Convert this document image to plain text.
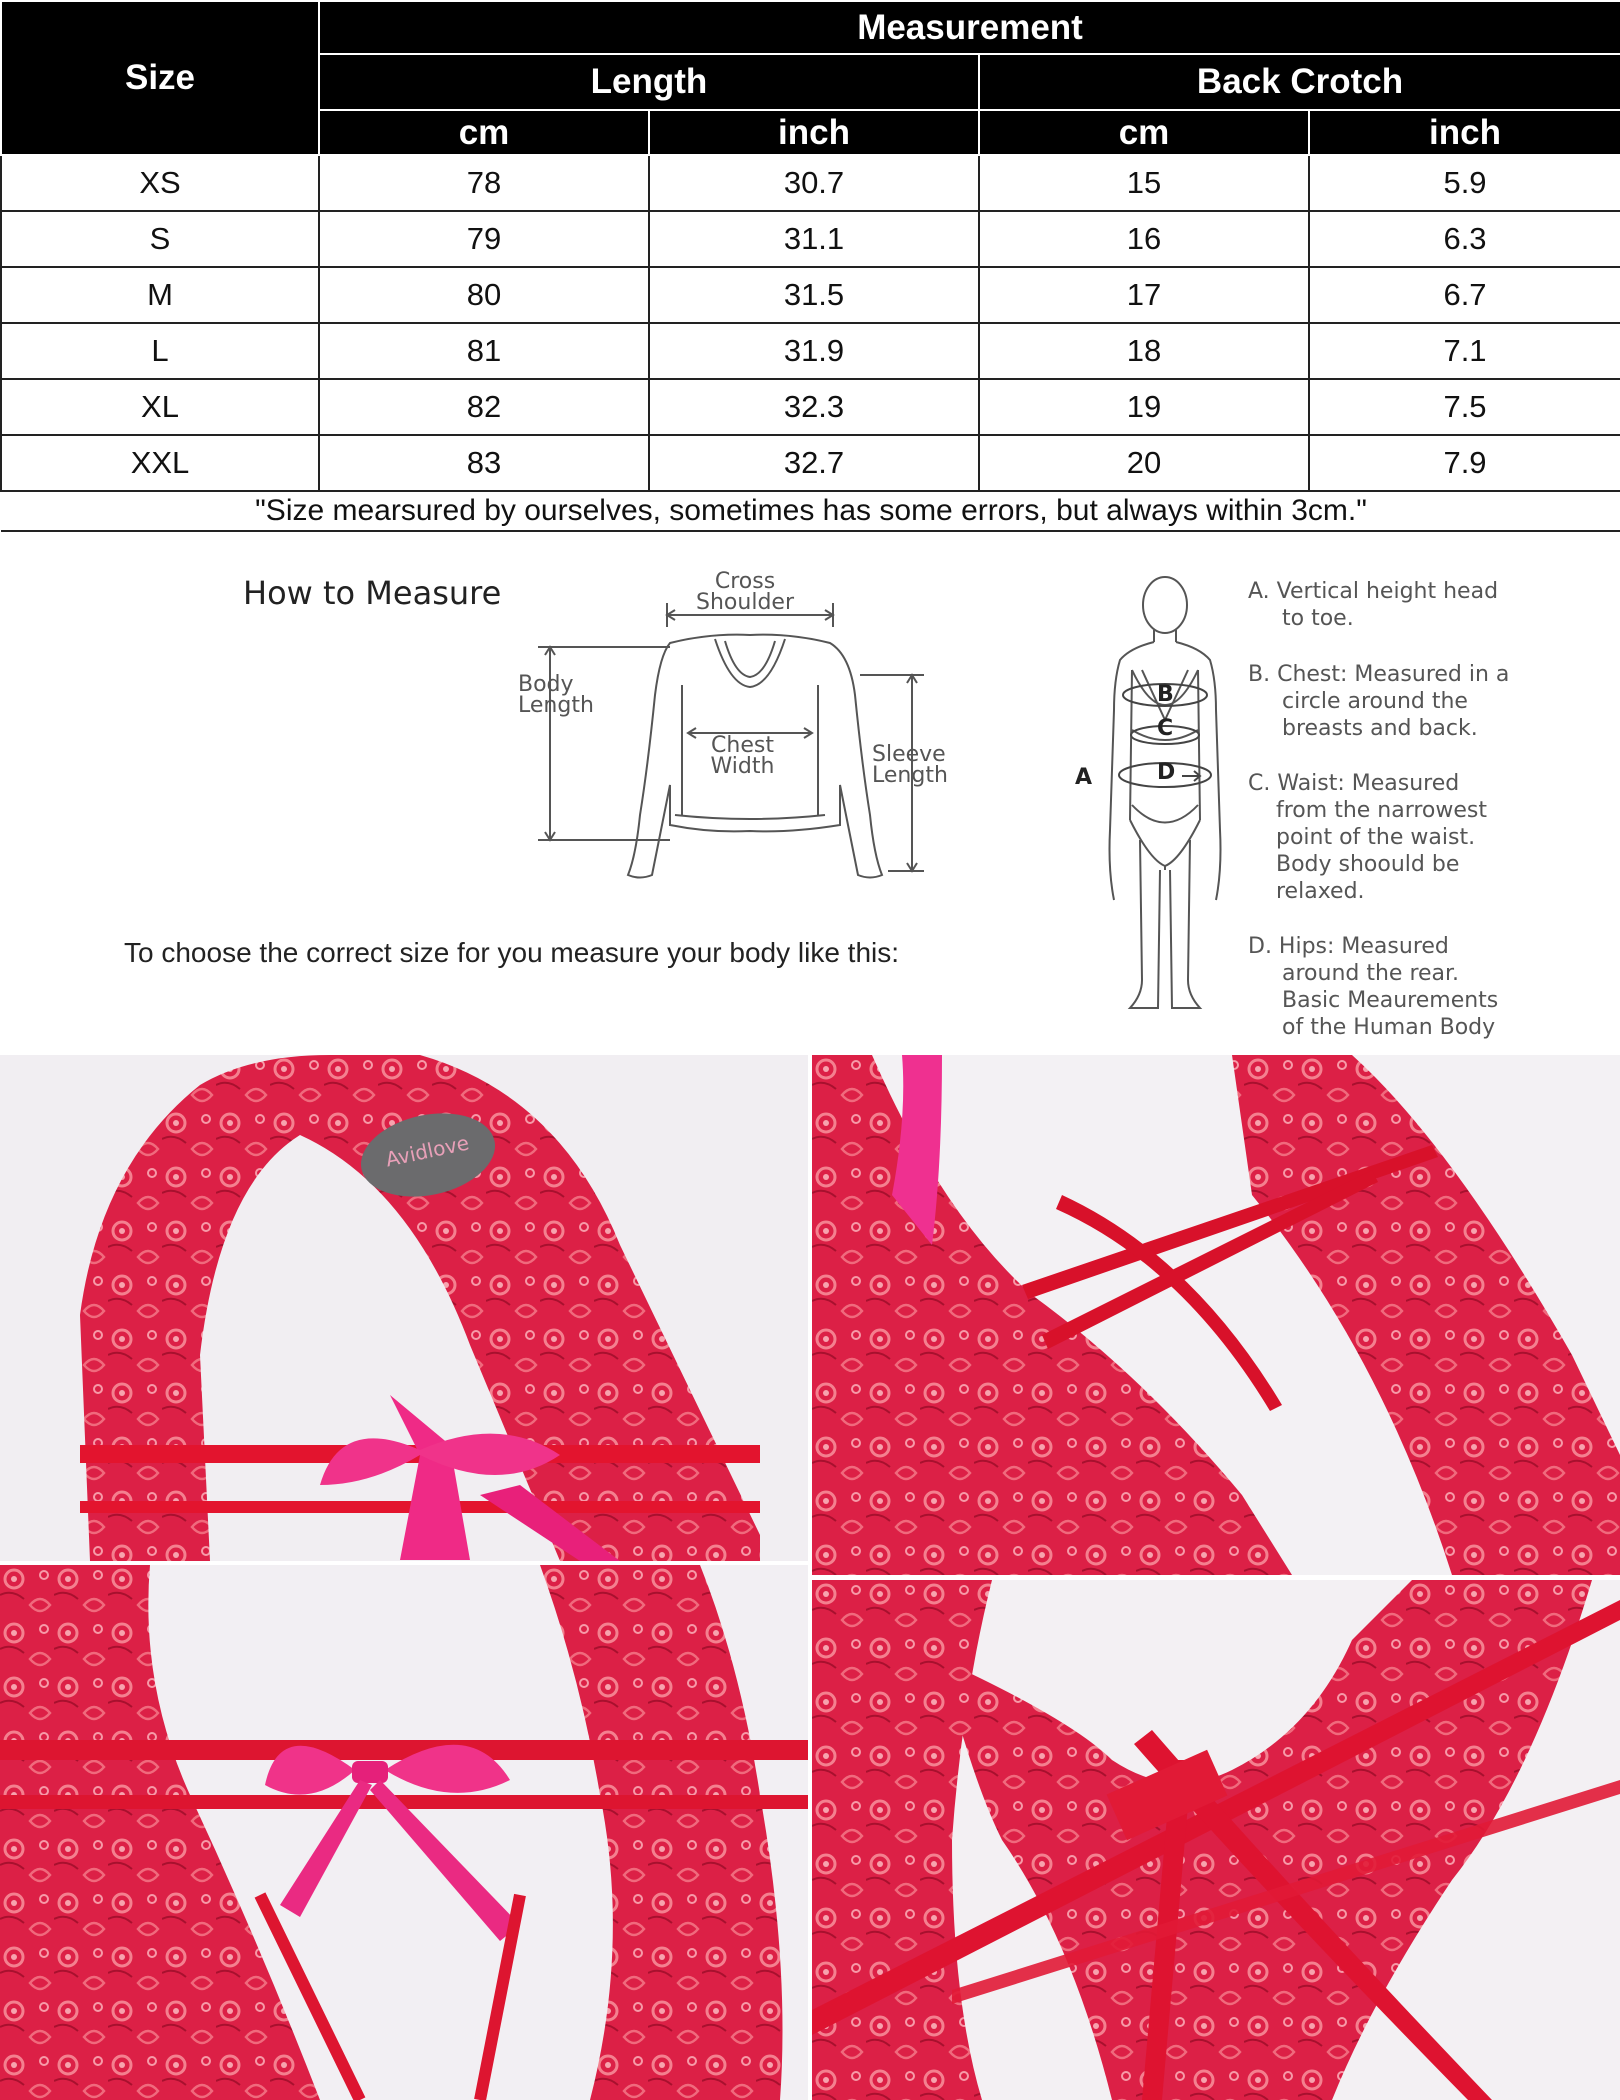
Size	Measurement			
	Length		Back Crotch	
	cm	inch	cm	inch
XS	78	30.7	15	5.9
S	79	31.1	16	6.3
M	80	31.5	17	6.7
L	81	31.9	18	7.1
XL	82	32.3	19	7.5
XXL	83	32.7	20	7.9
"Size mearsured by ourselves, sometimes has some errors, but always within 3cm."				
How to Measure
To choose the correct size for you measure your body like this:
Cross
Shoulder
Body
Length
Chest
Width	Sleeve
Length	A
B
C
D
A. Vertical height head
to toe.
B. Chest: Measured in a
circle around the
breasts and back.
C. Waist: Measured
from the narrowest
point of the waist.
Body shoould be
relaxed.
D. Hips: Measured
around the rear.
Basic Meaurements
of the Human Body
Avidlove
